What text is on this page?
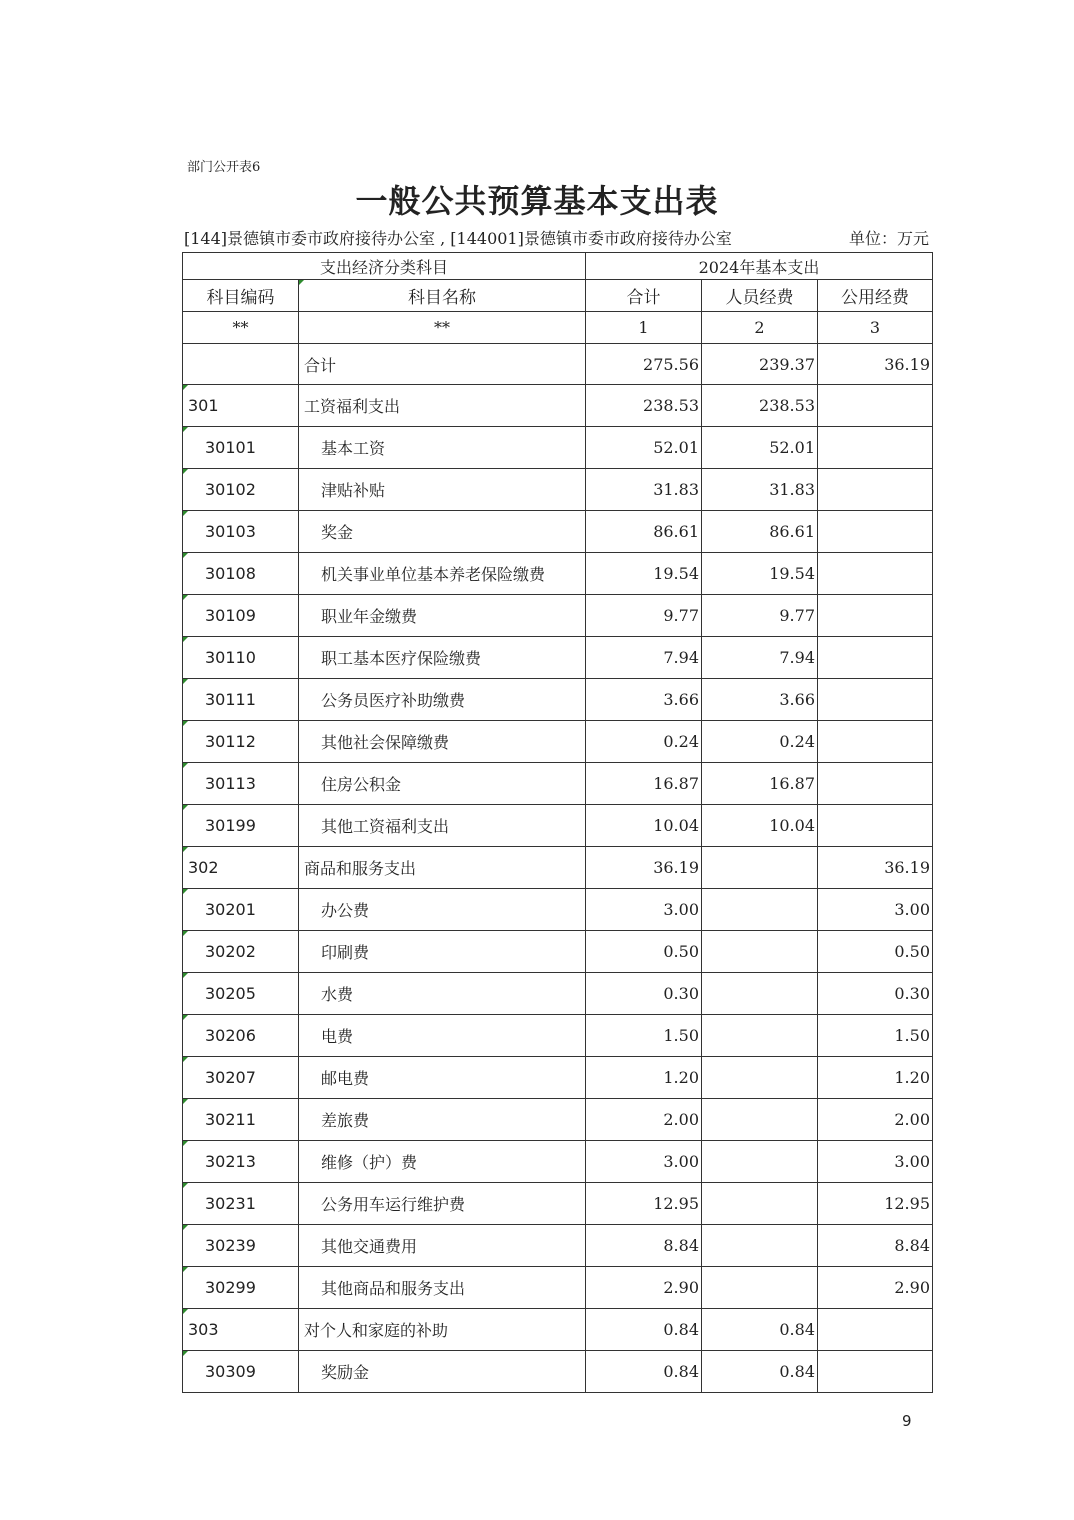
部门公开表6
一般公共预算基本支出表
[144]景德镇市委市政府接待办公室 , [144001]景德镇市委市政府接待办公室	单位：万元
支出经济分类科目		2024年基本支出		
科目编码	科目名称	合计	人员经费	公用经费
**	**	1	2	3
	合计	275.56	239.37	36.19
301	工资福利支出	238.53	238.53	
30101	基本工资	52.01	52.01	
30102	津贴补贴	31.83	31.83	
30103	奖金	86.61	86.61	
30108	机关事业单位基本养老保险缴费	19.54	19.54	
30109	职业年金缴费	9.77	9.77	
30110	职工基本医疗保险缴费	7.94	7.94	
30111	公务员医疗补助缴费	3.66	3.66	
30112	其他社会保障缴费	0.24	0.24	
30113	住房公积金	16.87	16.87	
30199	其他工资福利支出	10.04	10.04	
302	商品和服务支出	36.19		36.19
30201	办公费	3.00		3.00
30202	印刷费	0.50		0.50
30205	水费	0.30		0.30
30206	电费	1.50		1.50
30207	邮电费	1.20		1.20
30211	差旅费	2.00		2.00
30213	维修（护）费	3.00		3.00
30231	公务用车运行维护费	12.95		12.95
30239	其他交通费用	8.84		8.84
30299	其他商品和服务支出	2.90		2.90
303	对个人和家庭的补助	0.84	0.84	
30309	奖励金	0.84	0.84	
9
